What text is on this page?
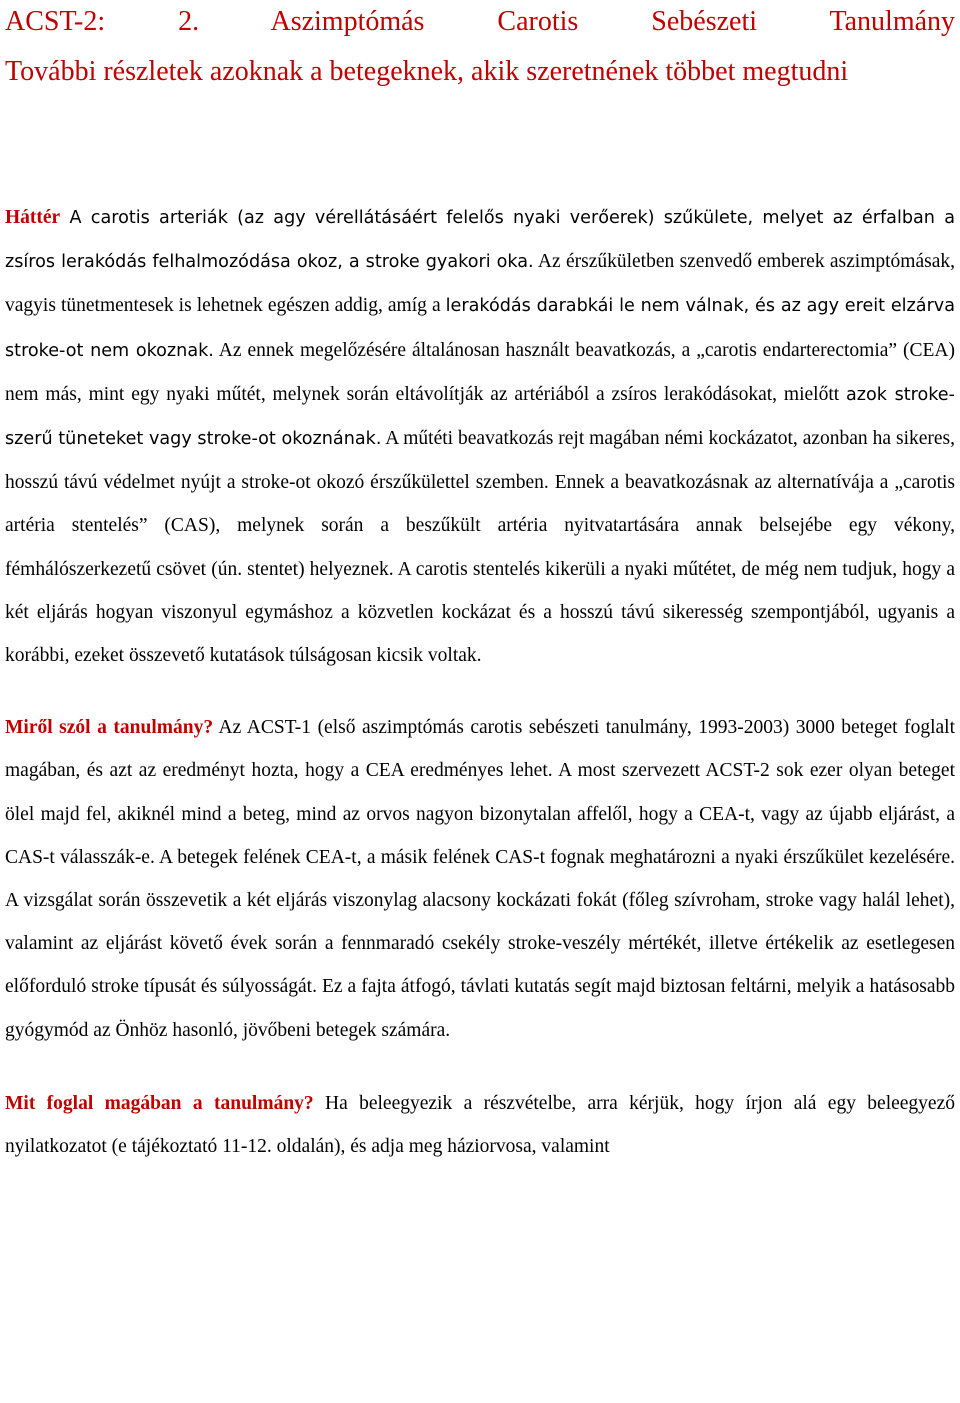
ACST-2:	2.	Aszimptómás	Carotis	Sebészeti	Tanulmány

További részletek azoknak a betegeknek, akik szeretnének többet megtudni

Háttér A carotis arteriák (az agy vérellátásáért felelős nyaki verőerek) szűkülete, melyet az érfalban a zsíros lerakódás felhalmozódása okoz, a stroke gyakori oka. Az érszűkületben szenvedő emberek aszimptómásak, vagyis tünetmentesek is lehetnek egészen addig, amíg a lerakódás darabkái le nem válnak, és az agy ereit elzárva stroke-ot nem okoznak. Az ennek megelőzésére általánosan használt beavatkozás, a „carotis endarterectomia” (CEA) nem más, mint egy nyaki műtét, melynek során eltávolítják az artériából a zsíros lerakódásokat, mielőtt azok stroke-szerű tüneteket vagy stroke-ot okoznának. A műtéti beavatkozás rejt magában némi kockázatot, azonban ha sikeres, hosszú távú védelmet nyújt a stroke-ot okozó érszűkülettel szemben. Ennek a beavatkozásnak az alternatívája a „carotis artéria stentelés” (CAS), melynek során a beszűkült artéria nyitvatartására annak belsejébe egy vékony, fémhálószerkezetű csövet (ún. stentet) helyeznek. A carotis stentelés kikerüli a nyaki műtétet, de még nem tudjuk, hogy a két eljárás hogyan viszonyul egymáshoz a közvetlen kockázat és a hosszú távú sikeresség szempontjából, ugyanis a korábbi, ezeket összevető kutatások túlságosan kicsik voltak.

Miről szól a tanulmány? Az ACST-1 (első aszimptómás carotis sebészeti tanulmány, 1993-2003) 3000 beteget foglalt magában, és azt az eredményt hozta, hogy a CEA eredményes lehet. A most szervezett ACST-2 sok ezer olyan beteget ölel majd fel, akiknél mind a beteg, mind az orvos nagyon bizonytalan affelől, hogy a CEA-t, vagy az újabb eljárást, a CAS-t válasszák-e. A betegek felének CEA-t, a másik felének CAS-t fognak meghatározni a nyaki érszűkület kezelésére. A vizsgálat során összevetik a két eljárás viszonylag alacsony kockázati fokát (főleg szívroham, stroke vagy halál lehet), valamint az eljárást követő évek során a fennmaradó csekély stroke-veszély mértékét, illetve értékelik az esetlegesen előforduló stroke típusát és súlyosságát. Ez a fajta átfogó, távlati kutatás segít majd biztosan feltárni, melyik a hatásosabb gyógymód az Önhöz hasonló, jövőbeni betegek számára.

Mit foglal magában a tanulmány? Ha beleegyezik a részvételbe, arra kérjük, hogy írjon alá egy beleegyező nyilatkozatot (e tájékoztató 11-12. oldalán), és adja meg háziorvosa, valamint
